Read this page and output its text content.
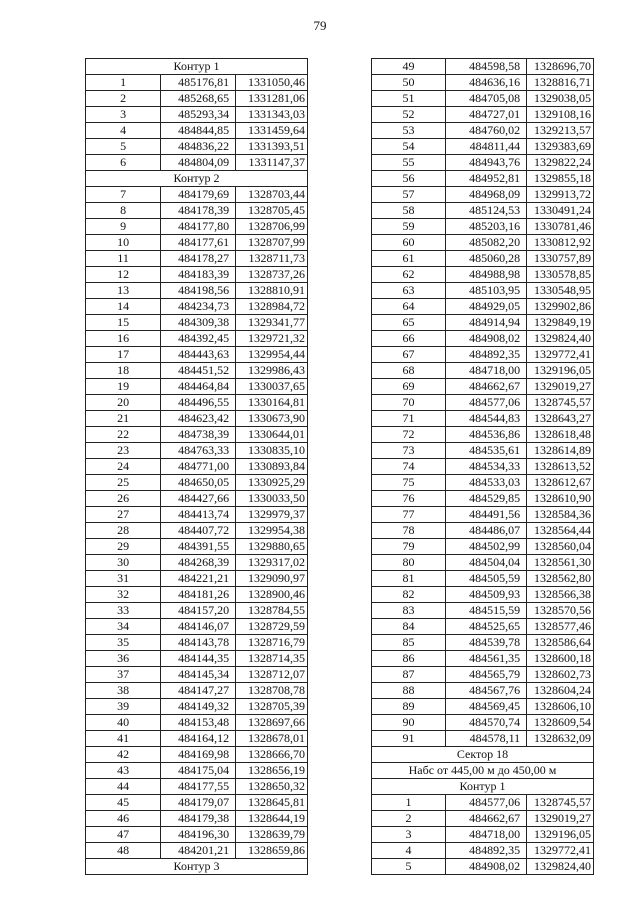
79
Контур 1		
1	485176,81	1331050,46
2	485268,65	1331281,06
3	485293,34	1331343,03
4	484844,85	1331459,64
5	484836,22	1331393,51
6	484804,09	1331147,37
Контур 2		
7	484179,69	1328703,44
8	484178,39	1328705,45
9	484177,80	1328706,99
10	484177,61	1328707,99
11	484178,27	1328711,73
12	484183,39	1328737,26
13	484198,56	1328810,91
14	484234,73	1328984,72
15	484309,38	1329341,77
16	484392,45	1329721,32
17	484443,63	1329954,44
18	484451,52	1329986,43
19	484464,84	1330037,65
20	484496,55	1330164,81
21	484623,42	1330673,90
22	484738,39	1330644,01
23	484763,33	1330835,10
24	484771,00	1330893,84
25	484650,05	1330925,29
26	484427,66	1330033,50
27	484413,74	1329979,37
28	484407,72	1329954,38
29	484391,55	1329880,65
30	484268,39	1329317,02
31	484221,21	1329090,97
32	484181,26	1328900,46
33	484157,20	1328784,55
34	484146,07	1328729,59
35	484143,78	1328716,79
36	484144,35	1328714,35
37	484145,34	1328712,07
38	484147,27	1328708,78
39	484149,32	1328705,39
40	484153,48	1328697,66
41	484164,12	1328678,01
42	484169,98	1328666,70
43	484175,04	1328656,19
44	484177,55	1328650,32
45	484179,07	1328645,81
46	484179,38	1328644,19
47	484196,30	1328639,79
48	484201,21	1328659,86
Контур 3		
49	484598,58	1328696,70
50	484636,16	1328816,71
51	484705,08	1329038,05
52	484727,01	1329108,16
53	484760,02	1329213,57
54	484811,44	1329383,69
55	484943,76	1329822,24
56	484952,81	1329855,18
57	484968,09	1329913,72
58	485124,53	1330491,24
59	485203,16	1330781,46
60	485082,20	1330812,92
61	485060,28	1330757,89
62	484988,98	1330578,85
63	485103,95	1330548,95
64	484929,05	1329902,86
65	484914,94	1329849,19
66	484908,02	1329824,40
67	484892,35	1329772,41
68	484718,00	1329196,05
69	484662,67	1329019,27
70	484577,06	1328745,57
71	484544,83	1328643,27
72	484536,86	1328618,48
73	484535,61	1328614,89
74	484534,33	1328613,52
75	484533,03	1328612,67
76	484529,85	1328610,90
77	484491,56	1328584,36
78	484486,07	1328564,44
79	484502,99	1328560,04
80	484504,04	1328561,30
81	484505,59	1328562,80
82	484509,93	1328566,38
83	484515,59	1328570,56
84	484525,65	1328577,46
85	484539,78	1328586,64
86	484561,35	1328600,18
87	484565,79	1328602,73
88	484567,76	1328604,24
89	484569,45	1328606,10
90	484570,74	1328609,54
91	484578,11	1328632,09
Сектор 18		
Набс от 445,00 м до 450,00 м		
Контур 1		
1	484577,06	1328745,57
2	484662,67	1329019,27
3	484718,00	1329196,05
4	484892,35	1329772,41
5	484908,02	1329824,40
